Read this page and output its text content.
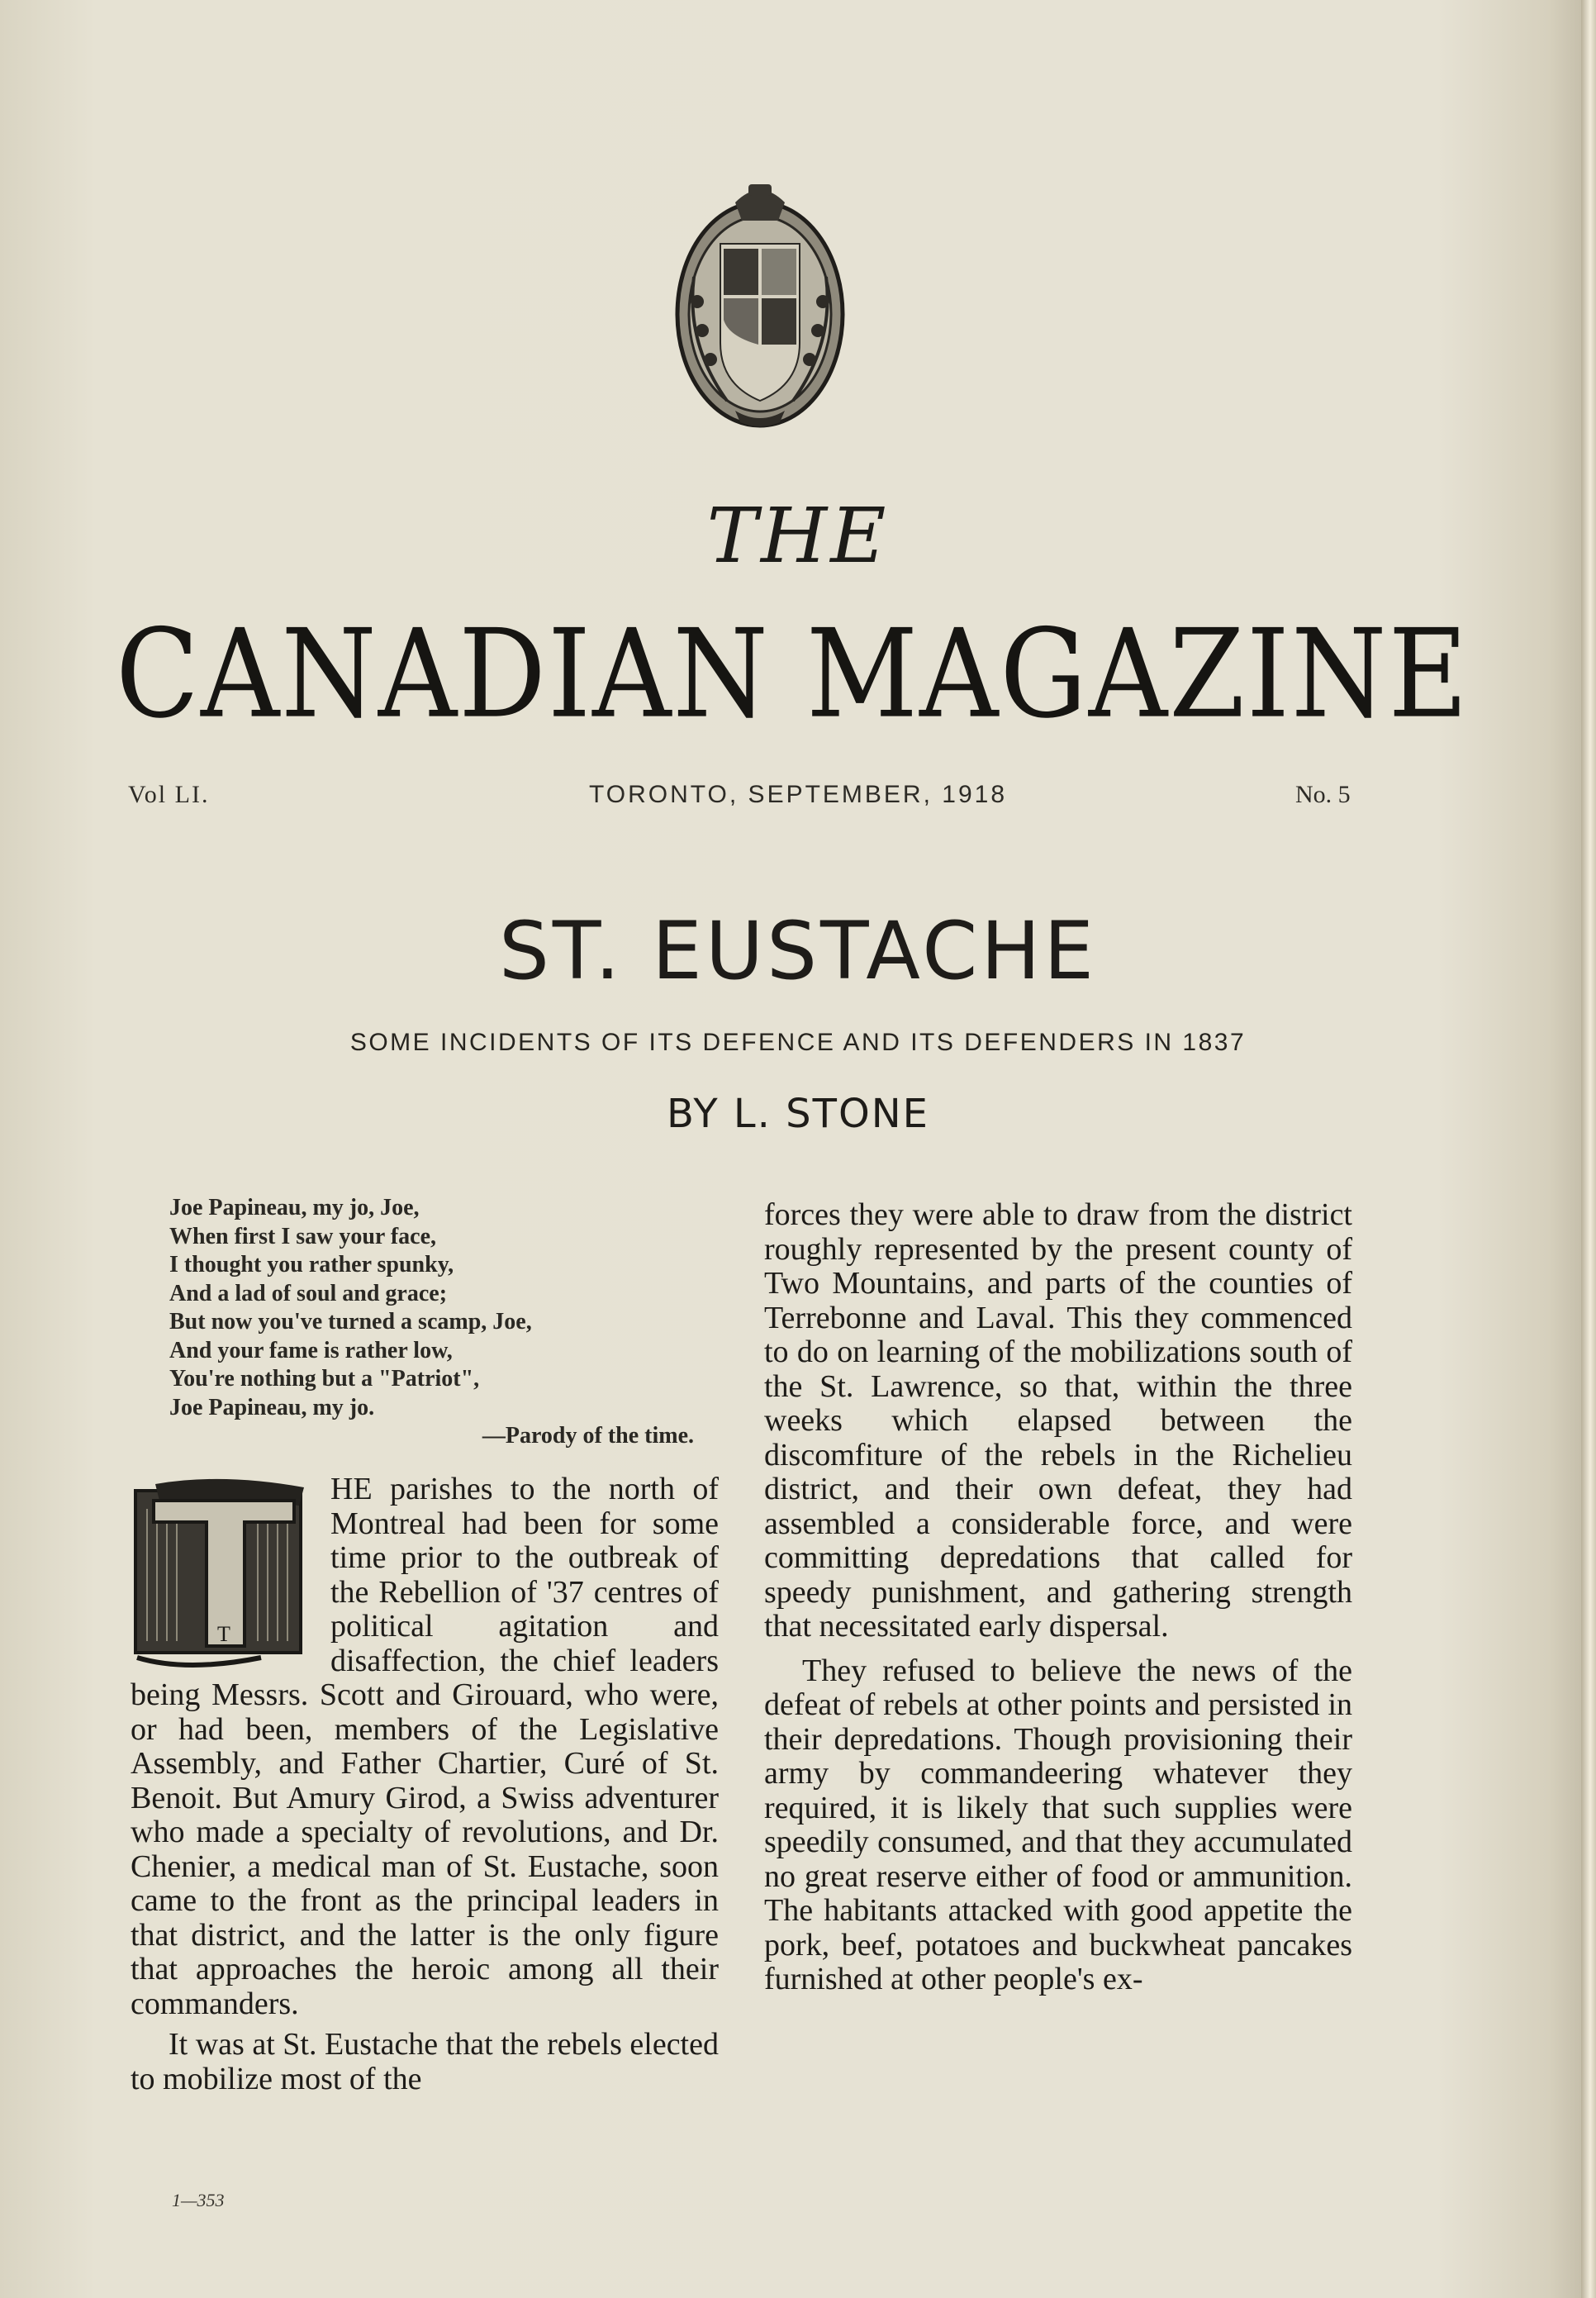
THE
CANADIAN MAGAZINE
Vol LI.	TORONTO, SEPTEMBER, 1918	No. 5
ST. EUSTACHE
SOME INCIDENTS OF ITS DEFENCE AND ITS DEFENDERS IN 1837
BY L. STONE
Joe Papineau, my jo, Joe,
When first I saw your face,
I thought you rather spunky,
And a lad of soul and grace;
But now you've turned a scamp, Joe,
And your fame is rather low,
You're nothing but a "Patriot",
Joe Papineau, my jo.
—Parody of the time.
T

HE parishes to the north of Montreal had been for some time prior to the outbreak of the Rebellion of '37 centres of political agitation and disaffection, the chief leaders being Messrs. Scott and Girouard, who were, or had been, members of the Legislative Assembly, and Father Chartier, Curé of St. Benoit. But Amury Girod, a Swiss adventurer who made a specialty of revolutions, and Dr. Chenier, a medical man of St. Eustache, soon came to the front as the principal leaders in that district, and the latter is the only figure that approaches the heroic among all their commanders.

It was at St. Eustache that the rebels elected to mobilize most of the

forces they were able to draw from the district roughly represented by the present county of Two Mountains, and parts of the counties of Terrebonne and Laval. This they commenced to do on learning of the mobilizations south of the St. Lawrence, so that, within the three weeks which elapsed between the discomfiture of the rebels in the Richelieu district, and their own defeat, they had assembled a considerable force, and were committing depredations that called for speedy punishment, and gathering strength that necessitated early dispersal.

They refused to believe the news of the defeat of rebels at other points and persisted in their depredations. Though provisioning their army by commandeering whatever they required, it is likely that such supplies were speedily consumed, and that they accumulated no great reserve either of food or ammunition. The habitants attacked with good appetite the pork, beef, potatoes and buckwheat pancakes furnished at other people's ex-

1—353
